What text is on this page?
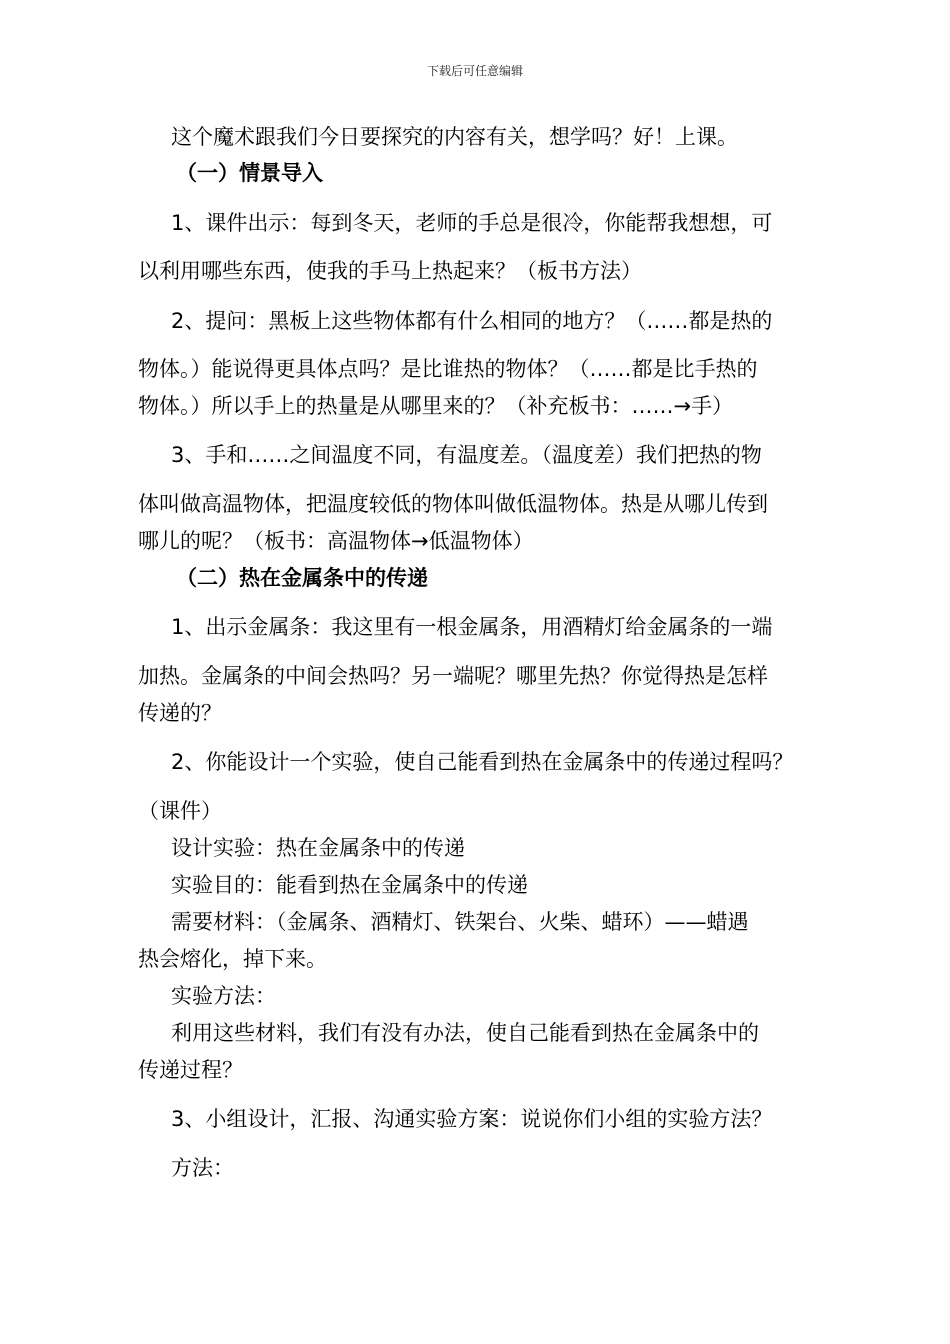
下载后可任意编辑
这个魔术跟我们今日要探究的内容有关，想学吗？好！上课。
（一）情景导入
1、课件出示：每到冬天，老师的手总是很冷，你能帮我想想，可
以利用哪些东西，使我的手马上热起来？（板书方法）
2、提问：黑板上这些物体都有什么相同的地方？（……都是热的
物体。）能说得更具体点吗？是比谁热的物体？（……都是比手热的
物体。）所以手上的热量是从哪里来的？（补充板书：……→手）
3、手和……之间温度不同，有温度差。（温度差）我们把热的物
体叫做高温物体，把温度较低的物体叫做低温物体。热是从哪儿传到
哪儿的呢？（板书：高温物体→低温物体）
（二）热在金属条中的传递
1、出示金属条：我这里有一根金属条，用酒精灯给金属条的一端
加热。金属条的中间会热吗？另一端呢？哪里先热？你觉得热是怎样
传递的？
2、你能设计一个实验，使自己能看到热在金属条中的传递过程吗？
（课件）
设计实验：热在金属条中的传递
实验目的：能看到热在金属条中的传递
需要材料：（金属条、酒精灯、铁架台、火柴、蜡环）——蜡遇
热会熔化，掉下来。
实验方法：
利用这些材料，我们有没有办法，使自己能看到热在金属条中的
传递过程？
3、小组设计，汇报、沟通实验方案：说说你们小组的实验方法？
方法：
